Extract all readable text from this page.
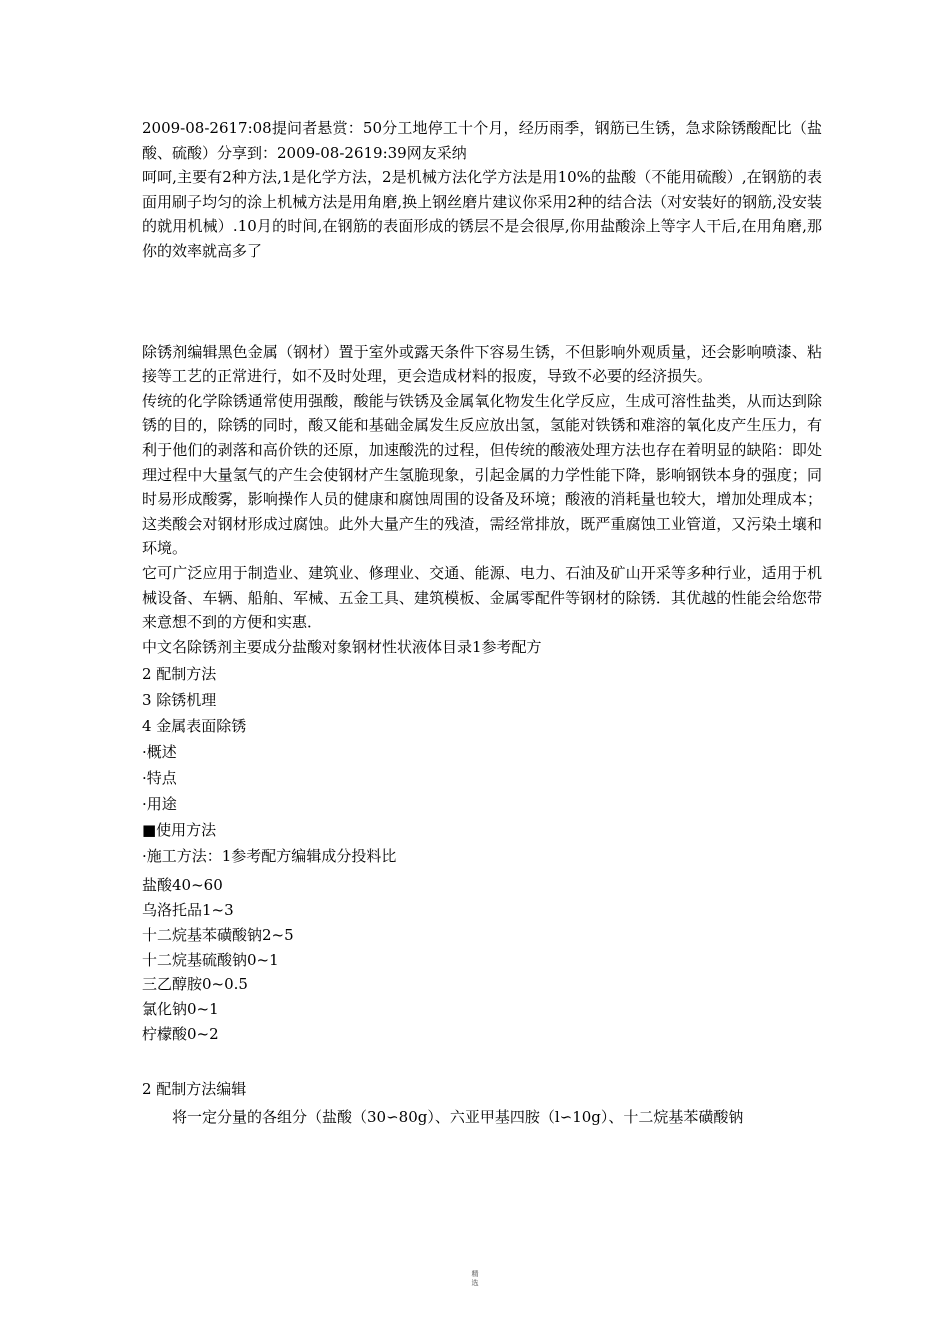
2009-08-2617:08提问者悬赏：50分工地停工十个月，经历雨季，钢筋已生锈，急求除锈酸配比（盐酸、硫酸）分享到：2009-08-2619:39网友采纳

呵呵,主要有2种方法,1是化学方法，2是机械方法化学方法是用10%的盐酸（不能用硫酸）,在钢筋的表面用刷子均匀的涂上机械方法是用角磨,换上钢丝磨片建议你采用2种的结合法（对安装好的钢筋,没安装的就用机械）.10月的时间,在钢筋的表面形成的锈层不是会很厚,你用盐酸涂上等字人干后,在用角磨,那你的效率就高多了

除锈剂编辑黑色金属（钢材）置于室外或露天条件下容易生锈，不但影响外观质量，还会影响喷漆、粘接等工艺的正常进行，如不及时处理，更会造成材料的报废，导致不必要的经济损失。

传统的化学除锈通常使用强酸，酸能与铁锈及金属氧化物发生化学反应，生成可溶性盐类，从而达到除锈的目的，除锈的同时，酸又能和基础金属发生反应放出氢，氢能对铁锈和难溶的氧化皮产生压力，有利于他们的剥落和高价铁的还原，加速酸洗的过程，但传统的酸液处理方法也存在着明显的缺陷：即处理过程中大量氢气的产生会使钢材产生氢脆现象，引起金属的力学性能下降，影响钢铁本身的强度；同时易形成酸雾，影响操作人员的健康和腐蚀周围的设备及环境；酸液的消耗量也较大，增加处理成本；这类酸会对钢材形成过腐蚀。此外大量产生的残渣，需经常排放，既严重腐蚀工业管道，又污染土壤和环境。

它可广泛应用于制造业、建筑业、修理业、交通、能源、电力、石油及矿山开采等多种行业，适用于机械设备、车辆、船舶、军械、五金工具、建筑模板、金属零配件等钢材的除锈．其优越的性能会给您带来意想不到的方便和实惠．

中文名除锈剂主要成分盐酸对象钢材性状液体目录1参考配方

2 配制方法

3 除锈机理

4 金属表面除锈

·概述

·特点

·用途

■使用方法

·施工方法：1参考配方编辑成分投料比

盐酸40~60

乌洛托品1~3

十二烷基苯磺酸钠2~5

十二烷基硫酸钠0~1

三乙醇胺0~0.5

氯化钠0~1

柠檬酸0~2

2 配制方法编辑

将一定分量的各组分（盐酸（30∽80g）、六亚甲基四胺（l∽10g）、十二烷基苯磺酸钠

精
选
